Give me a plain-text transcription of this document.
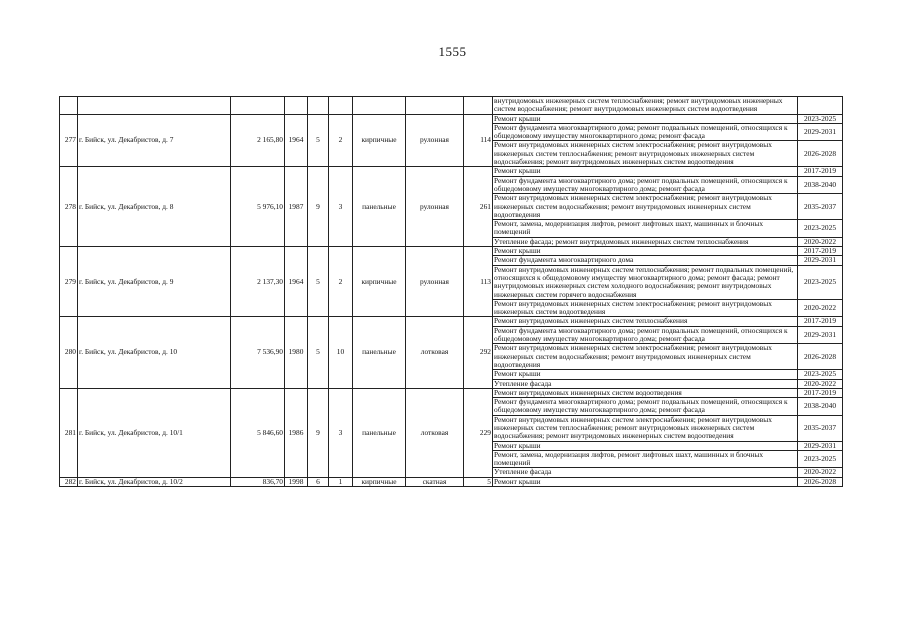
1555
									внутридомовых инженерных систем теплоснабжения; ремонт внутридомовых инженерных систем водоснабжения; ремонт внутридомовых инженерных систем водоотведения	
277	г. Бийск, ул. Декабристов, д. 7	2 165,80	1964	5	2	кирпичные	рулонная	114	Ремонт крыши	2023-2025
									Ремонт фундамента многоквартирного дома; ремонт подвальных помещений, относящихся к общедомовому имуществу многоквартирного дома; ремонт фасада	2029-2031
									Ремонт внутридомовых инженерных систем электроснабжения; ремонт внутридомовых инженерных систем теплоснабжения; ремонт внутридомовых инженерных систем водоснабжения; ремонт внутридомовых инженерных систем водоотведения	2026-2028
278	г. Бийск, ул. Декабристов, д. 8	5 976,10	1987	9	3	панельные	рулонная	261	Ремонт крыши	2017-2019
									Ремонт фундамента многоквартирного дома; ремонт подвальных помещений, относящихся к общедомовому имуществу многоквартирного дома; ремонт фасада	2038-2040
									Ремонт внутридомовых инженерных систем электроснабжения; ремонт внутридомовых инженерных систем водоснабжения; ремонт внутридомовых инженерных систем водоотведения	2035-2037
									Ремонт, замена, модернизация лифтов, ремонт лифтовых шахт, машинных и блочных помещений	2023-2025
									Утепление фасада; ремонт внутридомовых инженерных систем теплоснабжения	2020-2022
279	г. Бийск, ул. Декабристов, д. 9	2 137,30	1964	5	2	кирпичные	рулонная	113	Ремонт крыши	2017-2019
									Ремонт фундамента многоквартирного дома	2029-2031
									Ремонт внутридомовых инженерных систем теплоснабжения; ремонт подвальных помещений, относящихся к общедомовому имуществу многоквартирного дома; ремонт фасада; ремонт внутридомовых инженерных систем холодного водоснабжения; ремонт внутридомовых инженерных систем горячего водоснабжения	2023-2025
									Ремонт внутридомовых инженерных систем электроснабжения; ремонт внутридомовых инженерных систем водоотведения	2020-2022
280	г. Бийск, ул. Декабристов, д. 10	7 536,90	1980	5	10	панельные	лотковая	292	Ремонт внутридомовых инженерных систем теплоснабжения	2017-2019
									Ремонт фундамента многоквартирного дома; ремонт подвальных помещений, относящихся к общедомовому имуществу многоквартирного дома; ремонт фасада	2029-2031
									Ремонт внутридомовых инженерных систем электроснабжения; ремонт внутридомовых инженерных систем водоснабжения; ремонт внутридомовых инженерных систем водоотведения	2026-2028
									Ремонт крыши	2023-2025
									Утепление фасада	2020-2022
281	г. Бийск, ул. Декабристов, д. 10/1	5 846,60	1986	9	3	панельные	лотковая	229	Ремонт внутридомовых инженерных систем водоотведения	2017-2019
									Ремонт фундамента многоквартирного дома; ремонт подвальных помещений, относящихся к общедомовому имуществу многоквартирного дома; ремонт фасада	2038-2040
									Ремонт внутридомовых инженерных систем электроснабжения; ремонт внутридомовых инженерных систем теплоснабжения; ремонт внутридомовых инженерных систем водоснабжения; ремонт внутридомовых инженерных систем водоотведения	2035-2037
									Ремонт крыши	2029-2031
									Ремонт, замена, модернизация лифтов, ремонт лифтовых шахт, машинных и блочных помещений	2023-2025
									Утепление фасада	2020-2022
282	г. Бийск, ул. Декабристов, д. 10/2	836,70	1998	6	1	кирпичные	скатная	5	Ремонт крыши	2026-2028
